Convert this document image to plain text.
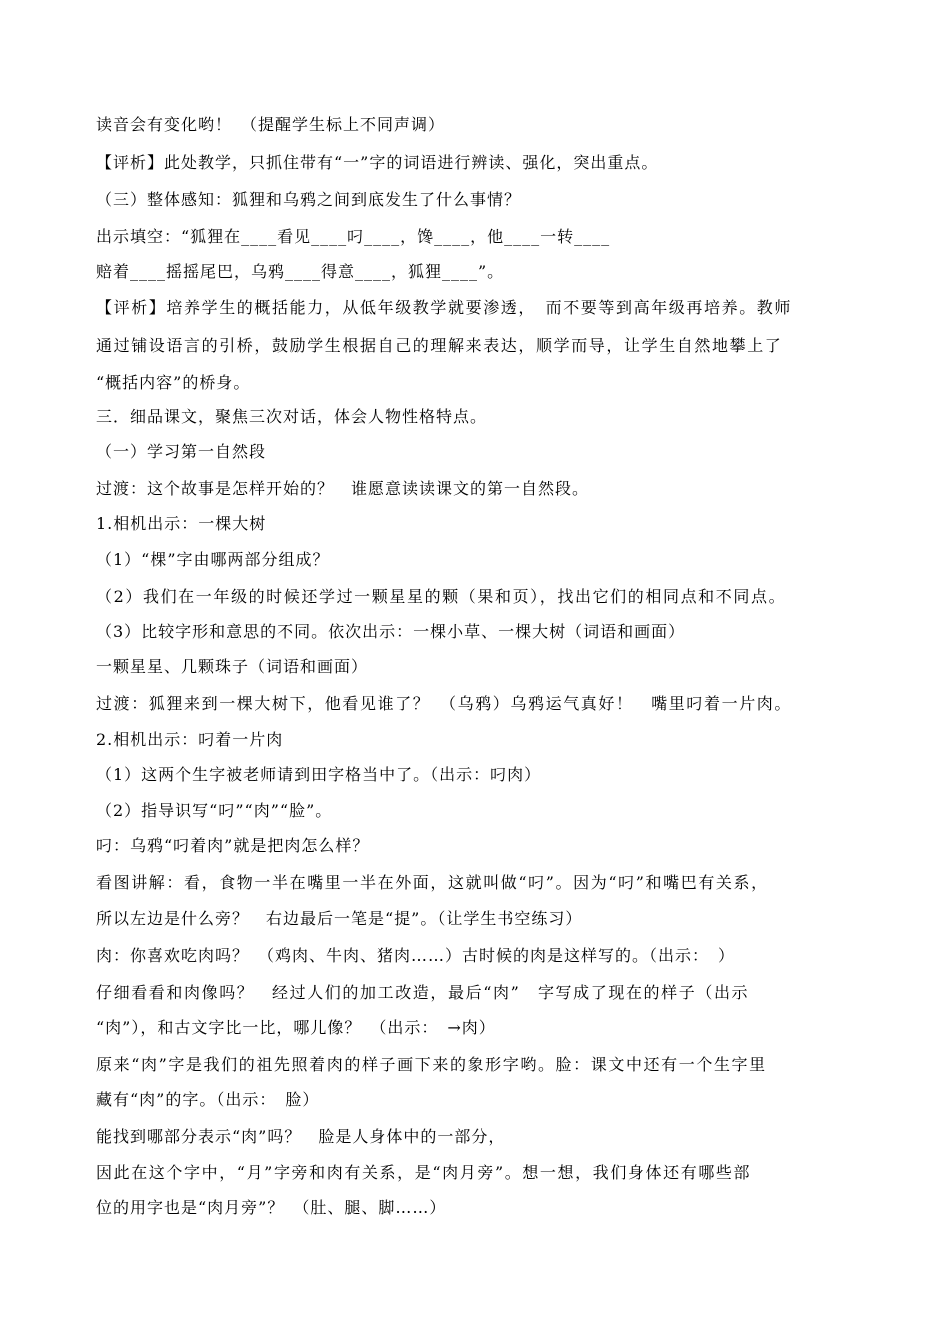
读音会有变化哟！　（提醒学生标上不同声调）
【评析】此处教学，只抓住带有“一”字的词语进行辨读、强化，突出重点。
（三）整体感知：狐狸和乌鸦之间到底发生了什么事情？
出示填空：“狐狸在____看见____叼____，馋____，他____一转____
赔着____摇摇尾巴，乌鸦____得意____，狐狸____”。
【评析】培养学生的概括能力，从低年级教学就要渗透，　而不要等到高年级再培养。教师
通过铺设语言的引桥，鼓励学生根据自己的理解来表达，顺学而导，让学生自然地攀上了
“概括内容”的桥身。
三．细品课文，聚焦三次对话，体会人物性格特点。
（一）学习第一自然段
过渡：这个故事是怎样开始的？　谁愿意读读课文的第一自然段。
1.相机出示：一棵大树
（1）“棵”字由哪两部分组成？
（2）我们在一年级的时候还学过一颗星星的颗（果和页），找出它们的相同点和不同点。
（3）比较字形和意思的不同。依次出示：一棵小草、一棵大树（词语和画面）
一颗星星、几颗珠子（词语和画面）
过渡：狐狸来到一棵大树下，他看见谁了？　（乌鸦）乌鸦运气真好！　嘴里叼着一片肉。
2.相机出示：叼着一片肉
（1）这两个生字被老师请到田字格当中了。（出示：叼肉）
（2）指导识写“叼”“肉”“脸”。
叼：乌鸦“叼着肉”就是把肉怎么样？
看图讲解：看，食物一半在嘴里一半在外面，这就叫做“叼”。因为“叼”和嘴巴有关系，
所以左边是什么旁？　右边最后一笔是“提”。（让学生书空练习）
肉：你喜欢吃肉吗？　（鸡肉、牛肉、猪肉……）古时候的肉是这样写的。（出示：　）
仔细看看和肉像吗？　经过人们的加工改造，最后“肉”　字写成了现在的样子（出示
“肉”），和古文字比一比，哪儿像？　（出示：　→肉）
原来“肉”字是我们的祖先照着肉的样子画下来的象形字哟。脸：课文中还有一个生字里
藏有“肉”的字。（出示：　脸）
能找到哪部分表示“肉”吗？　脸是人身体中的一部分，
因此在这个字中，“月”字旁和肉有关系，是“肉月旁”。想一想，我们身体还有哪些部
位的用字也是“肉月旁”？　（肚、腿、脚……）
